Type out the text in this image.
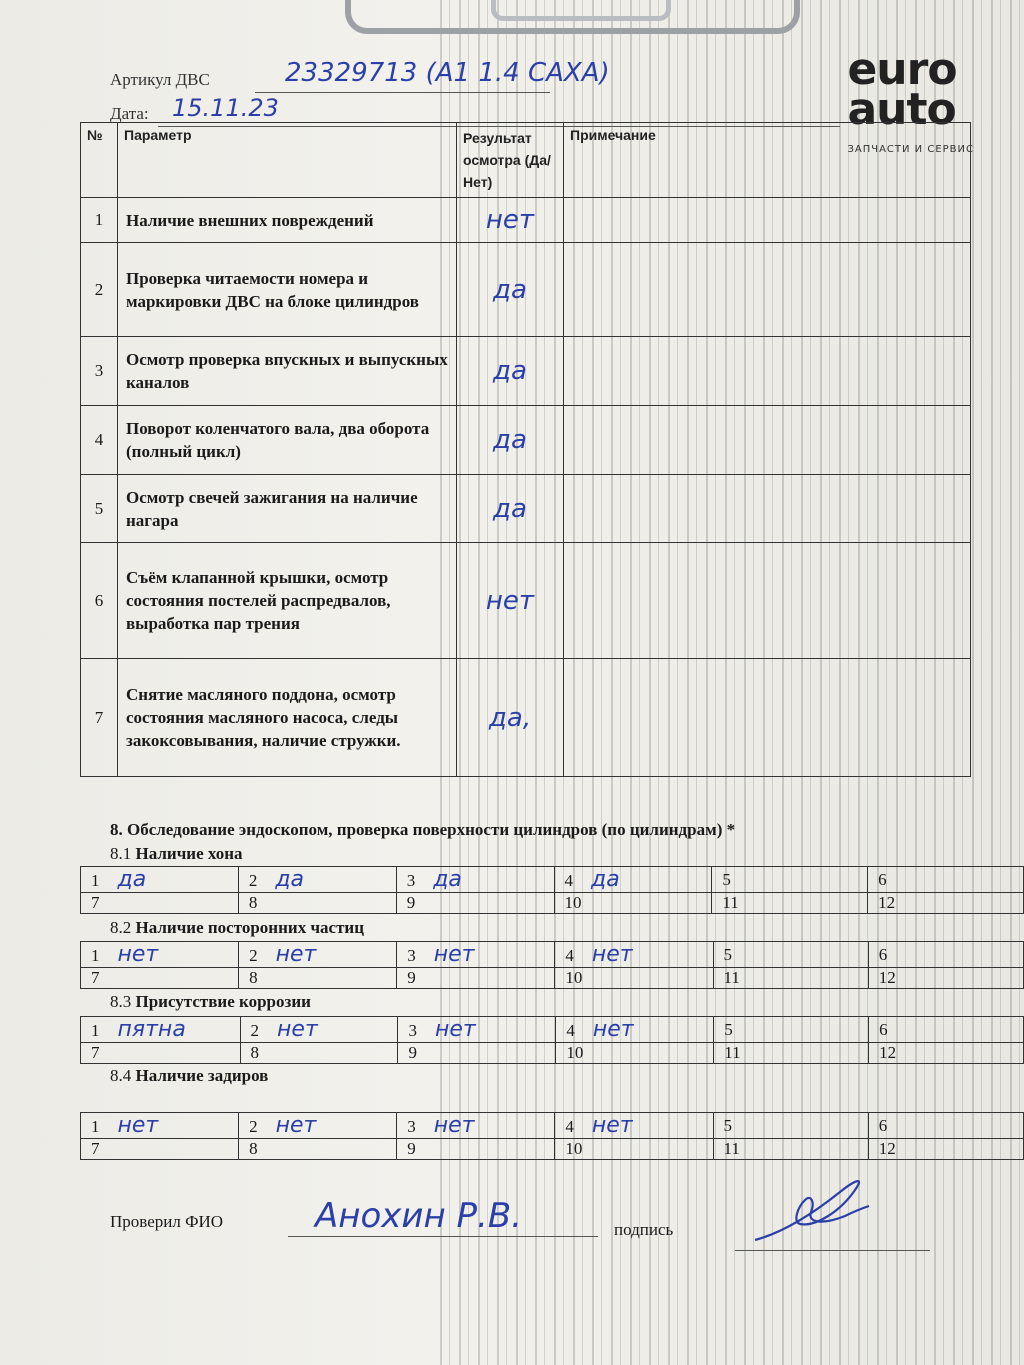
Артикул ДВС	23329713 (A1 1.4 CAXA)
Дата: 15.11.23
euro
auto
ЗАПЧАСТИ И СЕРВИС
№	Параметр	Результат осмотра (Да/Нет)	Примечание
1	Наличие внешних повреждений	нет	
2	Проверка читаемости номера и маркировки ДВС на блоке цилиндров	да	
3	Осмотр проверка впускных и выпускных каналов	да	
4	Поворот коленчатого вала, два оборота (полный цикл)	да	
5	Осмотр свечей зажигания на наличие нагара	да	
6	Съём клапанной крышки, осмотр состояния постелей распредвалов, выработка пар трения	нет	
7	Снятие масляного поддона, осмотр состояния масляного насоса, следы закоксовывания, наличие стружки.	да,	
8. Обследование эндоскопом, проверка поверхности цилиндров (по цилиндрам) *
8.1 Наличие хона
1 да	2 да	3 да	4 да	5	6
7	8	9	10	11	12
8.2 Наличие посторонних частиц
1 нет	2 нет	3 нет	4 нет	5	6
7	8	9	10	11	12
8.3 Присутствие коррозии
1 пятна	2 нет	3 нет	4 нет	5	6
7	8	9	10	11	12
8.4 Наличие задиров
1 нет	2 нет	3 нет	4 нет	5	6
7	8	9	10	11	12
Проверил ФИО	Анохин Р.В.	подпись
